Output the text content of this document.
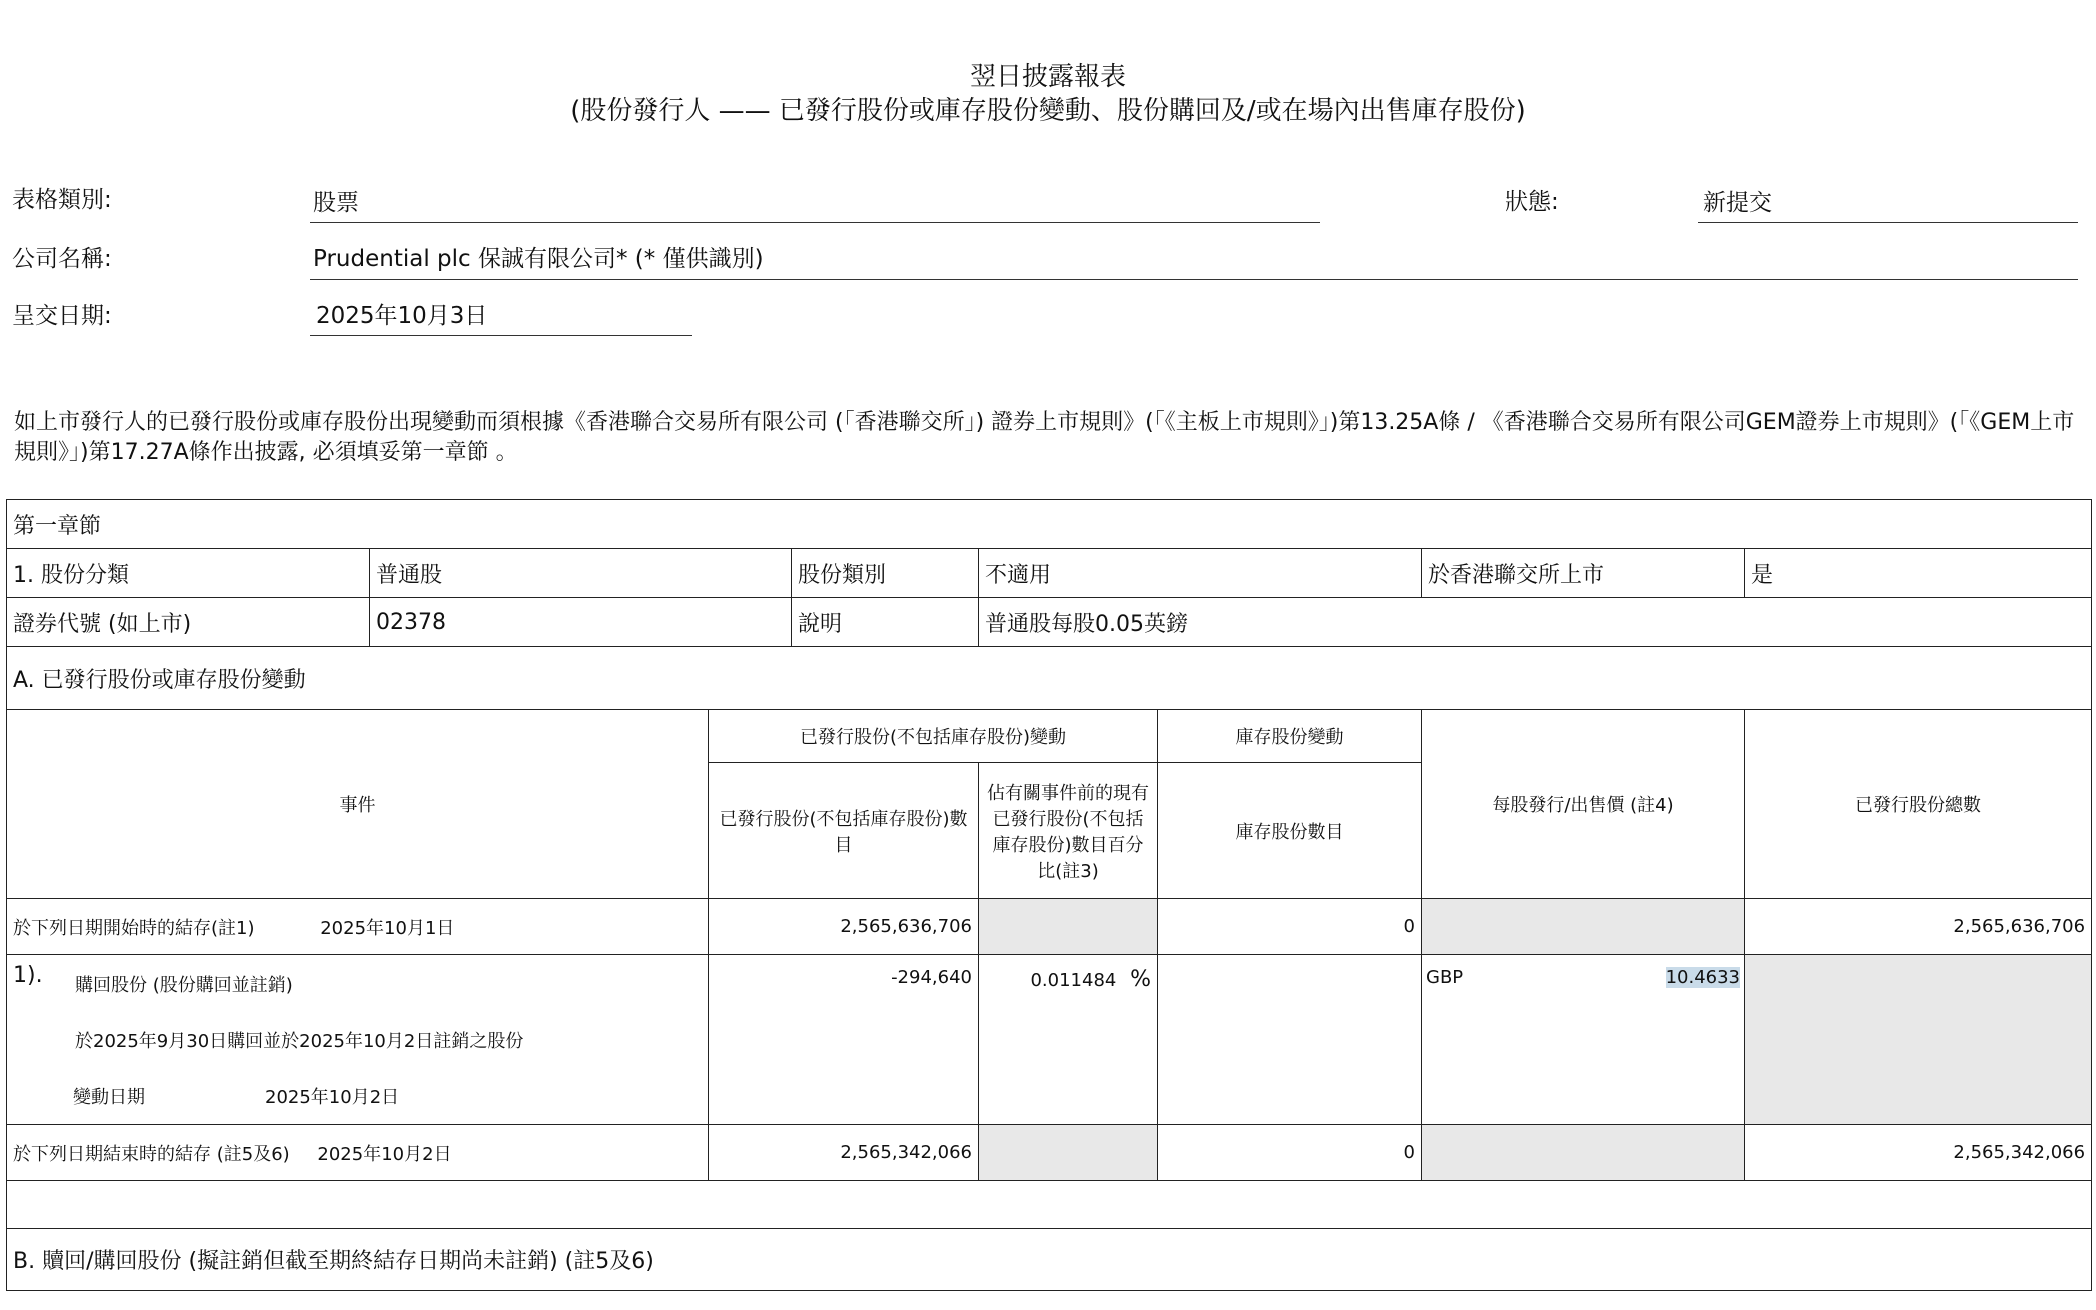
翌日披露報表
(股份發行人 —— 已發行股份或庫存股份變動、股份購回及/或在場內出售庫存股份)
表格類別:	股票	狀態:	新提交
公司名稱:	Prudential plc 保誠有限公司* (* 僅供識別)
呈交日期:	2025年10月3日
如上市發行人的已發行股份或庫存股份出現變動而須根據《香港聯合交易所有限公司 (「香港聯交所」) 證券上市規則》(「《主板上市規則》」)第13.25A條 / 《香港聯合交易所有限公司GEM證券上市規則》(「《GEM上市規則》」)第17.27A條作出披露, 必須填妥第一章節 。
第一章節							
1. 股份分類	普通股		股份類別	不適用		於香港聯交所上市	是
證券代號 (如上市)	02378		說明	普通股每股0.05英鎊			
A. 已發行股份或庫存股份變動							
事件		已發行股份(不包括庫存股份)變動			庫存股份變動	每股發行/出售價 (註4)	已發行股份總數
		已發行股份(不包括庫存股份)數目		佔有關事件前的現有已發行股份(不包括庫存股份)數目百分比(註3)	庫存股份數目		
於下列日期開始時的結存(註1) 2025年10月1日		2,565,636,706			0		2,565,636,706

1). 購回股份 (股份購回並註銷)
於2025年9月30日購回並於2025年10月2日註銷之股份
變動日期 2025年10月2日		-294,640		0.011484 %		GBP 10.4633	

於下列日期結束時的結存 (註5及6) 2025年10月2日		2,565,342,066			0		2,565,342,066

B. 贖回/購回股份 (擬註銷但截至期終結存日期尚未註銷) (註5及6)							
